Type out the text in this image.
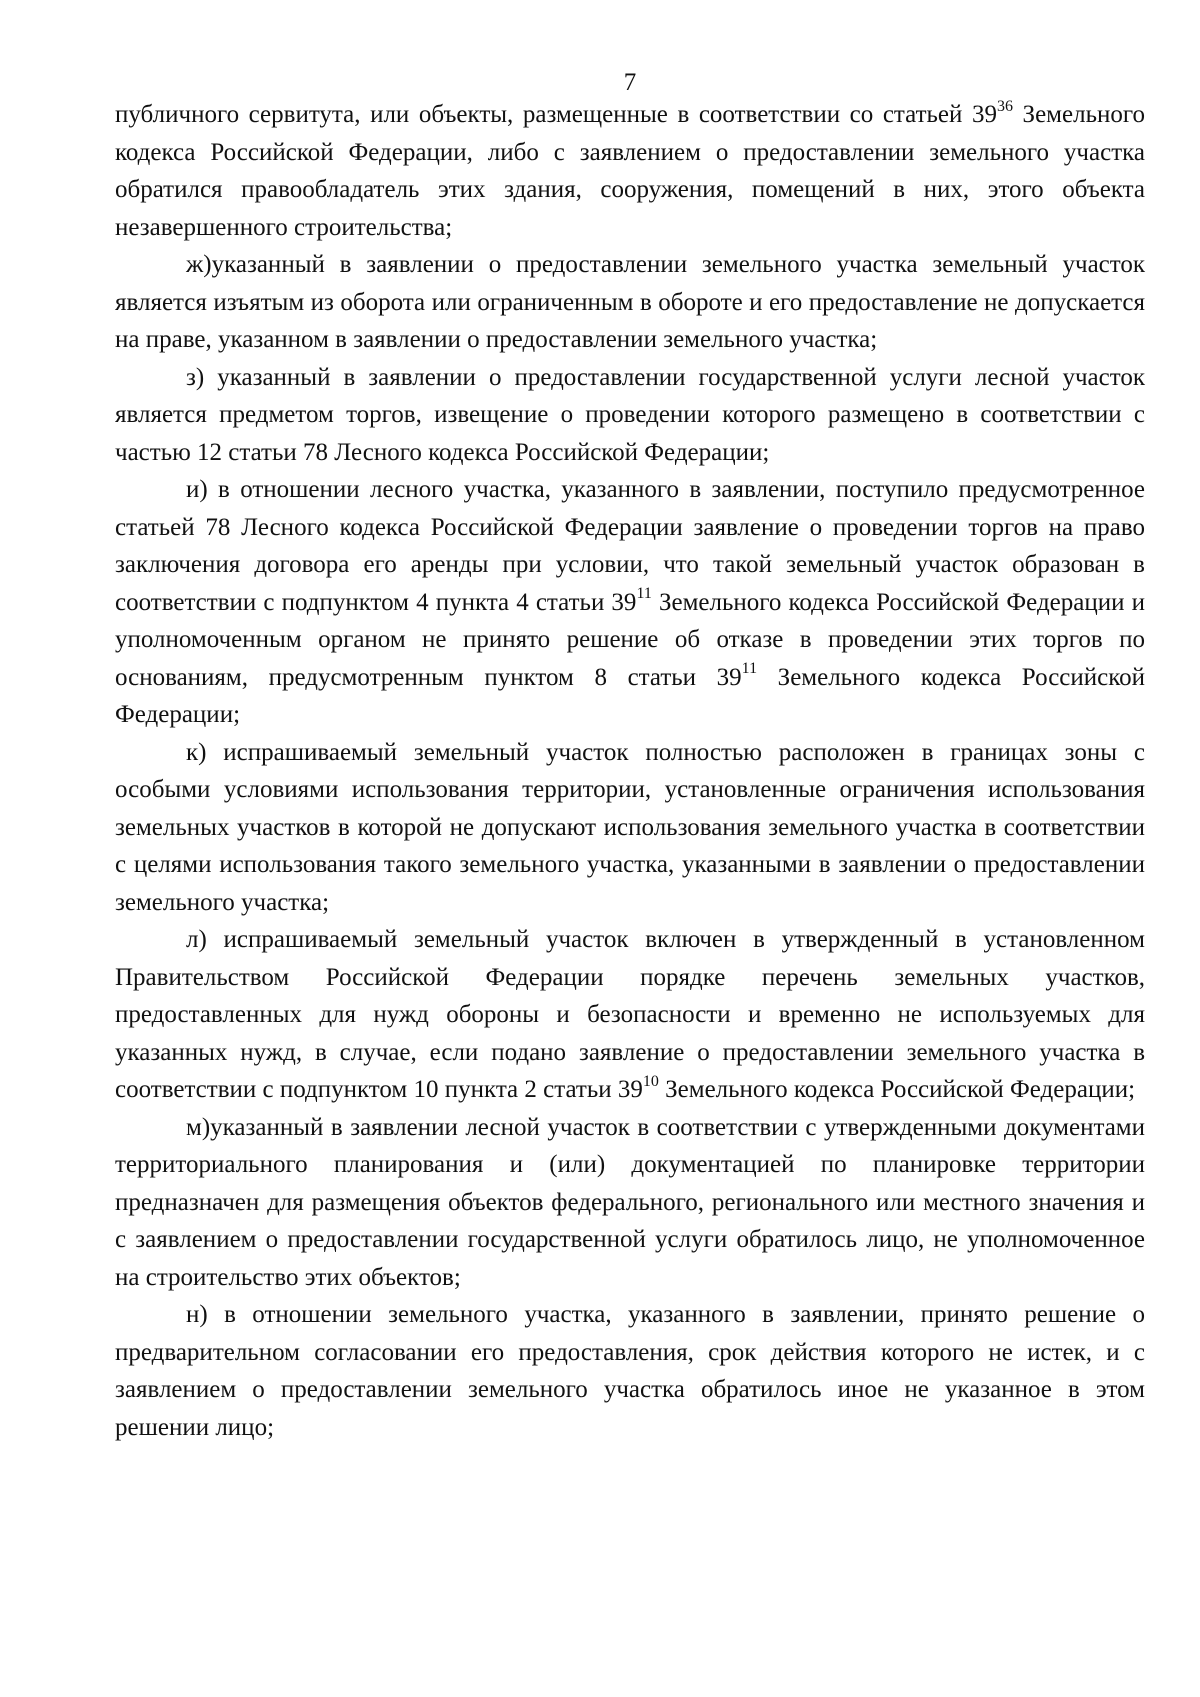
7

публичного сервитута, или объекты, размещенные в соответствии со статьей $39^{36}$ Земельного кодекса Российской Федерации, либо с заявлением о предоставлении земельного участка обратился правообладатель этих здания, сооружения, помещений в них, этого объекта незавершенного строительства;

ж)указанный в заявлении о предоставлении земельного участка земельный участок является изъятым из оборота или ограниченным в обороте и его предоставление не допускается на праве, указанном в заявлении о предоставлении земельного участка;

з) указанный в заявлении о предоставлении государственной услуги лесной участок является предметом торгов, извещение о проведении которого размещено в соответствии с частью 12 статьи 78 Лесного кодекса Российской Федерации;

и) в отношении лесного участка, указанного в заявлении, поступило предусмотренное статьей 78 Лесного кодекса Российской Федерации заявление о проведении торгов на право заключения договора его аренды при условии, что такой земельный участок образован в соответствии с подпунктом 4 пункта 4 статьи $39^{11}$ Земельного кодекса Российской Федерации и уполномоченным органом не принято решение об отказе в проведении этих торгов по основаниям, предусмотренным пунктом 8 статьи $39^{11}$ Земельного кодекса Российской Федерации;

к) испрашиваемый земельный участок полностью расположен в границах зоны с особыми условиями использования территории, установленные ограничения использования земельных участков в которой не допускают использования земельного участка в соответствии с целями использования такого земельного участка, указанными в заявлении о предоставлении земельного участка;

л) испрашиваемый земельный участок включен в утвержденный в установленном Правительством Российской Федерации порядке перечень земельных участков, предоставленных для нужд обороны и безопасности и временно не используемых для указанных нужд, в случае, если подано заявление о предоставлении земельного участка в соответствии с подпунктом 10 пункта 2 статьи $39^{10}$ Земельного кодекса Российской Федерации;

м)указанный в заявлении лесной участок в соответствии с утвержденными документами территориального планирования и (или) документацией по планировке территории предназначен для размещения объектов федерального, регионального или местного значения и с заявлением о предоставлении государственной услуги обратилось лицо, не уполномоченное на строительство этих объектов;

н) в отношении земельного участка, указанного в заявлении, принято решение о предварительном согласовании его предоставления, срок действия которого не истек, и с заявлением о предоставлении земельного участка обратилось иное не указанное в этом решении лицо;
